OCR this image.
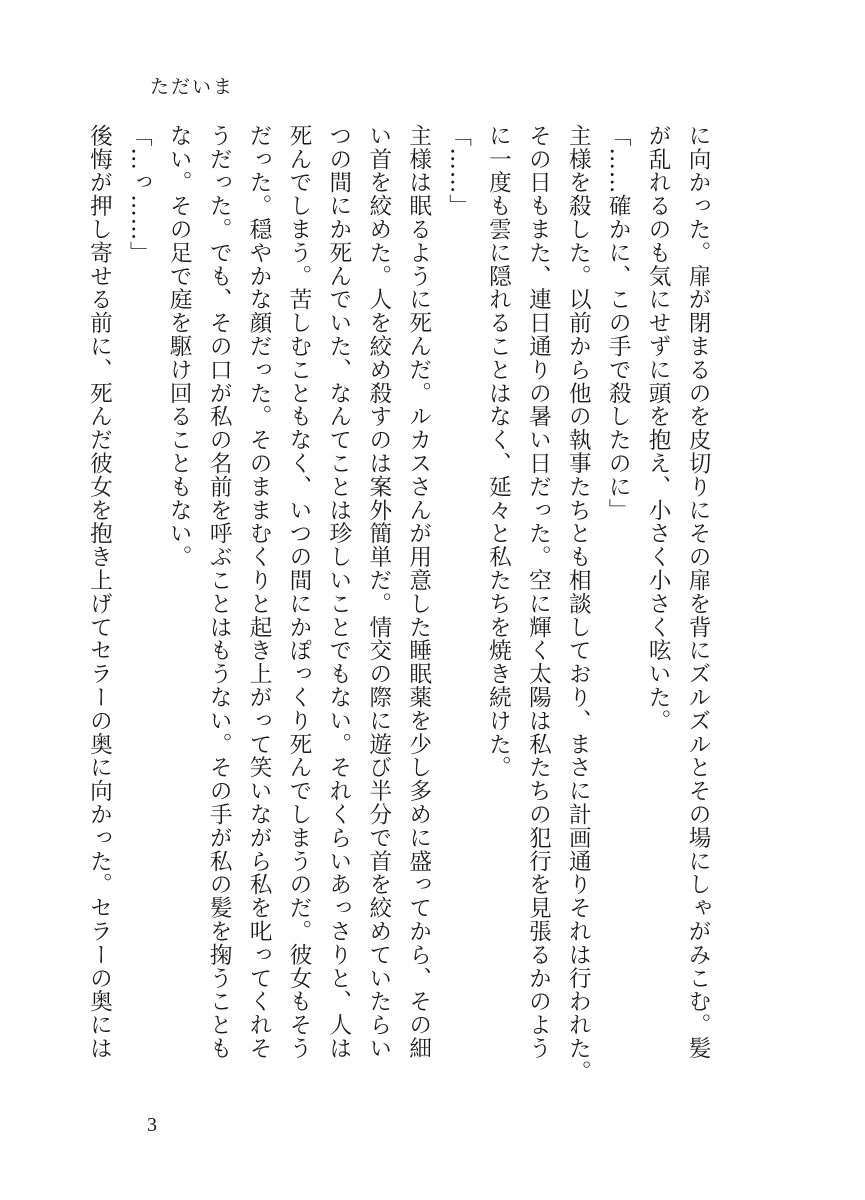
ただいま

に向かった。扉が閉まるのを皮切りにその扉を背にズルズルとその場にしゃがみこむ。髪

が乱れるのも気にせずに頭を抱え、小さく小さく呟いた。

「……確かに、この手で殺したのに」

主様を殺した。以前から他の執事たちとも相談しており、まさに計画通りそれは行われた。

その日もまた、連日通りの暑い日だった。空に輝く太陽は私たちの犯行を見張るかのよう

に一度も雲に隠れることはなく、延々と私たちを焼き続けた。

「……」

主様は眠るように死んだ。ルカスさんが用意した睡眠薬を少し多めに盛ってから、その細

い首を絞めた。人を絞め殺すのは案外簡単だ。情交の際に遊び半分で首を絞めていたらい

つの間にか死んでいた、なんてことは珍しいことでもない。それくらいあっさりと、人は

死んでしまう。苦しむこともなく、いつの間にかぽっくり死んでしまうのだ。彼女もそう

だった。穏やかな顔だった。そのままむくりと起き上がって笑いながら私を叱ってくれそ

うだった。でも、その口が私の名前を呼ぶことはもうない。その手が私の髪を掬うことも

ない。その足で庭を駆け回ることもない。

「…っ……」

後悔が押し寄せる前に、死んだ彼女を抱き上げてセラーの奥に向かった。セラーの奥には

3
